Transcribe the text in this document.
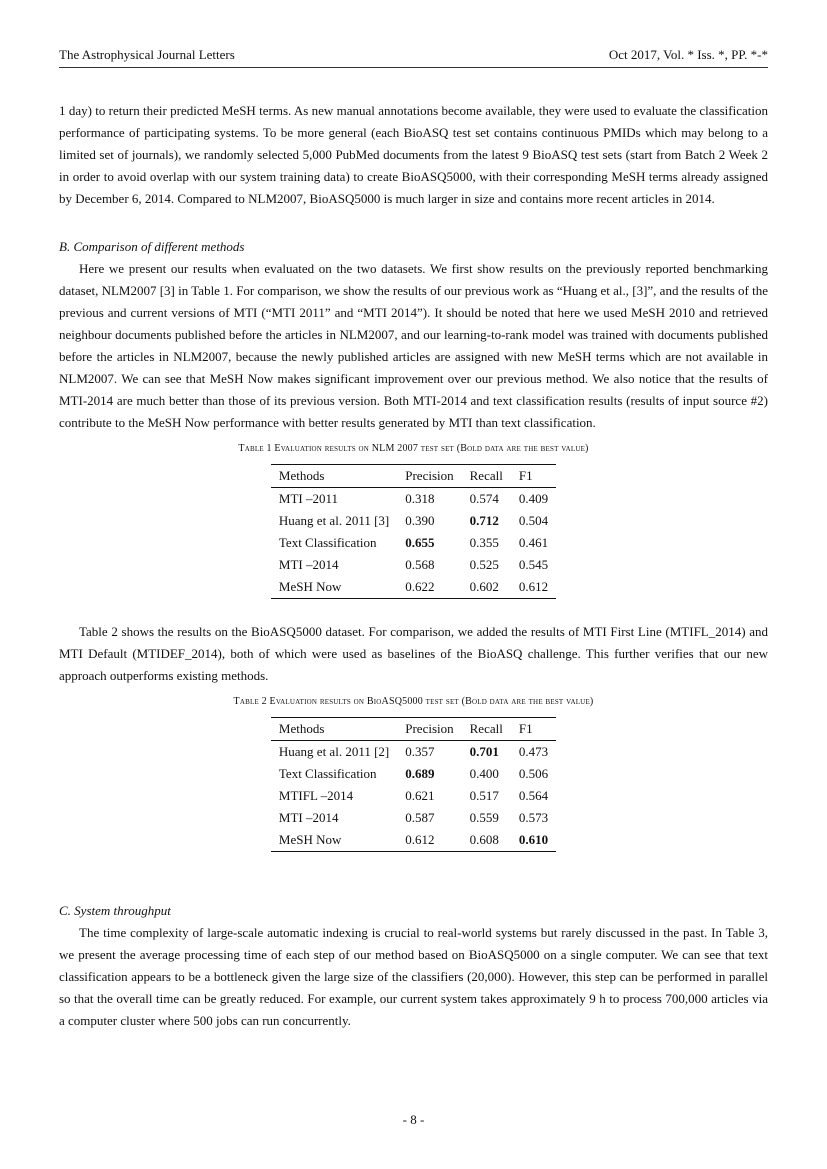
The Astrophysical Journal Letters	Oct 2017, Vol. * Iss. *, PP. *-*

1 day) to return their predicted MeSH terms. As new manual annotations become available, they were used to evaluate the classification performance of participating systems. To be more general (each BioASQ test set contains continuous PMIDs which may belong to a limited set of journals), we randomly selected 5,000 PubMed documents from the latest 9 BioASQ test sets (start from Batch 2 Week 2 in order to avoid overlap with our system training data) to create BioASQ5000, with their corresponding MeSH terms already assigned by December 6, 2014. Compared to NLM2007, BioASQ5000 is much larger in size and contains more recent articles in 2014.

B. Comparison of different methods

Here we present our results when evaluated on the two datasets. We first show results on the previously reported benchmarking dataset, NLM2007 [3] in Table 1. For comparison, we show the results of our previous work as “Huang et al., [3]”, and the results of the previous and current versions of MTI (“MTI 2011” and “MTI 2014”). It should be noted that here we used MeSH 2010 and retrieved neighbour documents published before the articles in NLM2007, and our learning-to-rank model was trained with documents published before the articles in NLM2007, because the newly published articles are assigned with new MeSH terms which are not available in NLM2007. We can see that MeSH Now makes significant improvement over our previous method. We also notice that the results of MTI-2014 are much better than those of its previous version. Both MTI-2014 and text classification results (results of input source #2) contribute to the MeSH Now performance with better results generated by MTI than text classification.

Table 1 Evaluation results on NLM 2007 test set (Bold data are the best value)

Methods	Precision	Recall	F1
MTI –2011	0.318	0.574	0.409
Huang et al. 2011 [3]	0.390	0.712	0.504
Text Classification	0.655	0.355	0.461
MTI –2014	0.568	0.525	0.545
MeSH Now	0.622	0.602	0.612

Table 2 shows the results on the BioASQ5000 dataset. For comparison, we added the results of MTI First Line (MTIFL_2014) and MTI Default (MTIDEF_2014), both of which were used as baselines of the BioASQ challenge. This further verifies that our new approach outperforms existing methods.

Table 2 Evaluation results on BioASQ5000 test set (Bold data are the best value)

Methods	Precision	Recall	F1
Huang et al. 2011 [2]	0.357	0.701	0.473
Text Classification	0.689	0.400	0.506
MTIFL –2014	0.621	0.517	0.564
MTI –2014	0.587	0.559	0.573
MeSH Now	0.612	0.608	0.610

C. System throughput

The time complexity of large-scale automatic indexing is crucial to real-world systems but rarely discussed in the past. In Table 3, we present the average processing time of each step of our method based on BioASQ5000 on a single computer. We can see that text classification appears to be a bottleneck given the large size of the classifiers (20,000). However, this step can be performed in parallel so that the overall time can be greatly reduced. For example, our current system takes approximately 9 h to process 700,000 articles via a computer cluster where 500 jobs can run concurrently.

- 8 -
